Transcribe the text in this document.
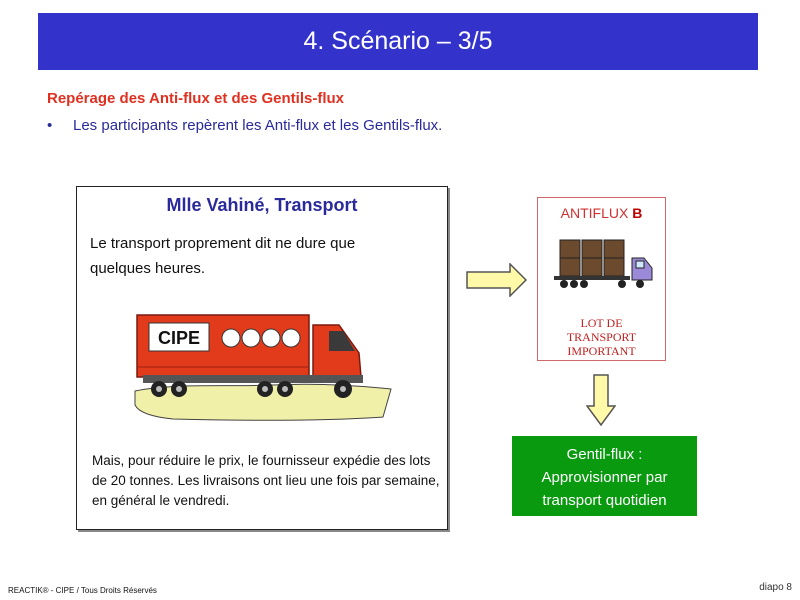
4. Scénario – 3/5
Repérage des Anti-flux et des Gentils-flux
• Les participants repèrent les Anti-flux et les Gentils-flux.
Mlle Vahiné, Transport
Le transport proprement dit ne dure que quelques heures.
CIPE
Mais, pour réduire le prix, le fournisseur expédie des lots de 20 tonnes. Les livraisons ont lieu une fois par semaine, en général le vendredi.
ANTIFLUX B
LOT DE
TRANSPORT
IMPORTANT
Gentil-flux :
Approvisionner par
transport quotidien
REACTIK® - CIPE / Tous Droits Réservés	diapo 8
